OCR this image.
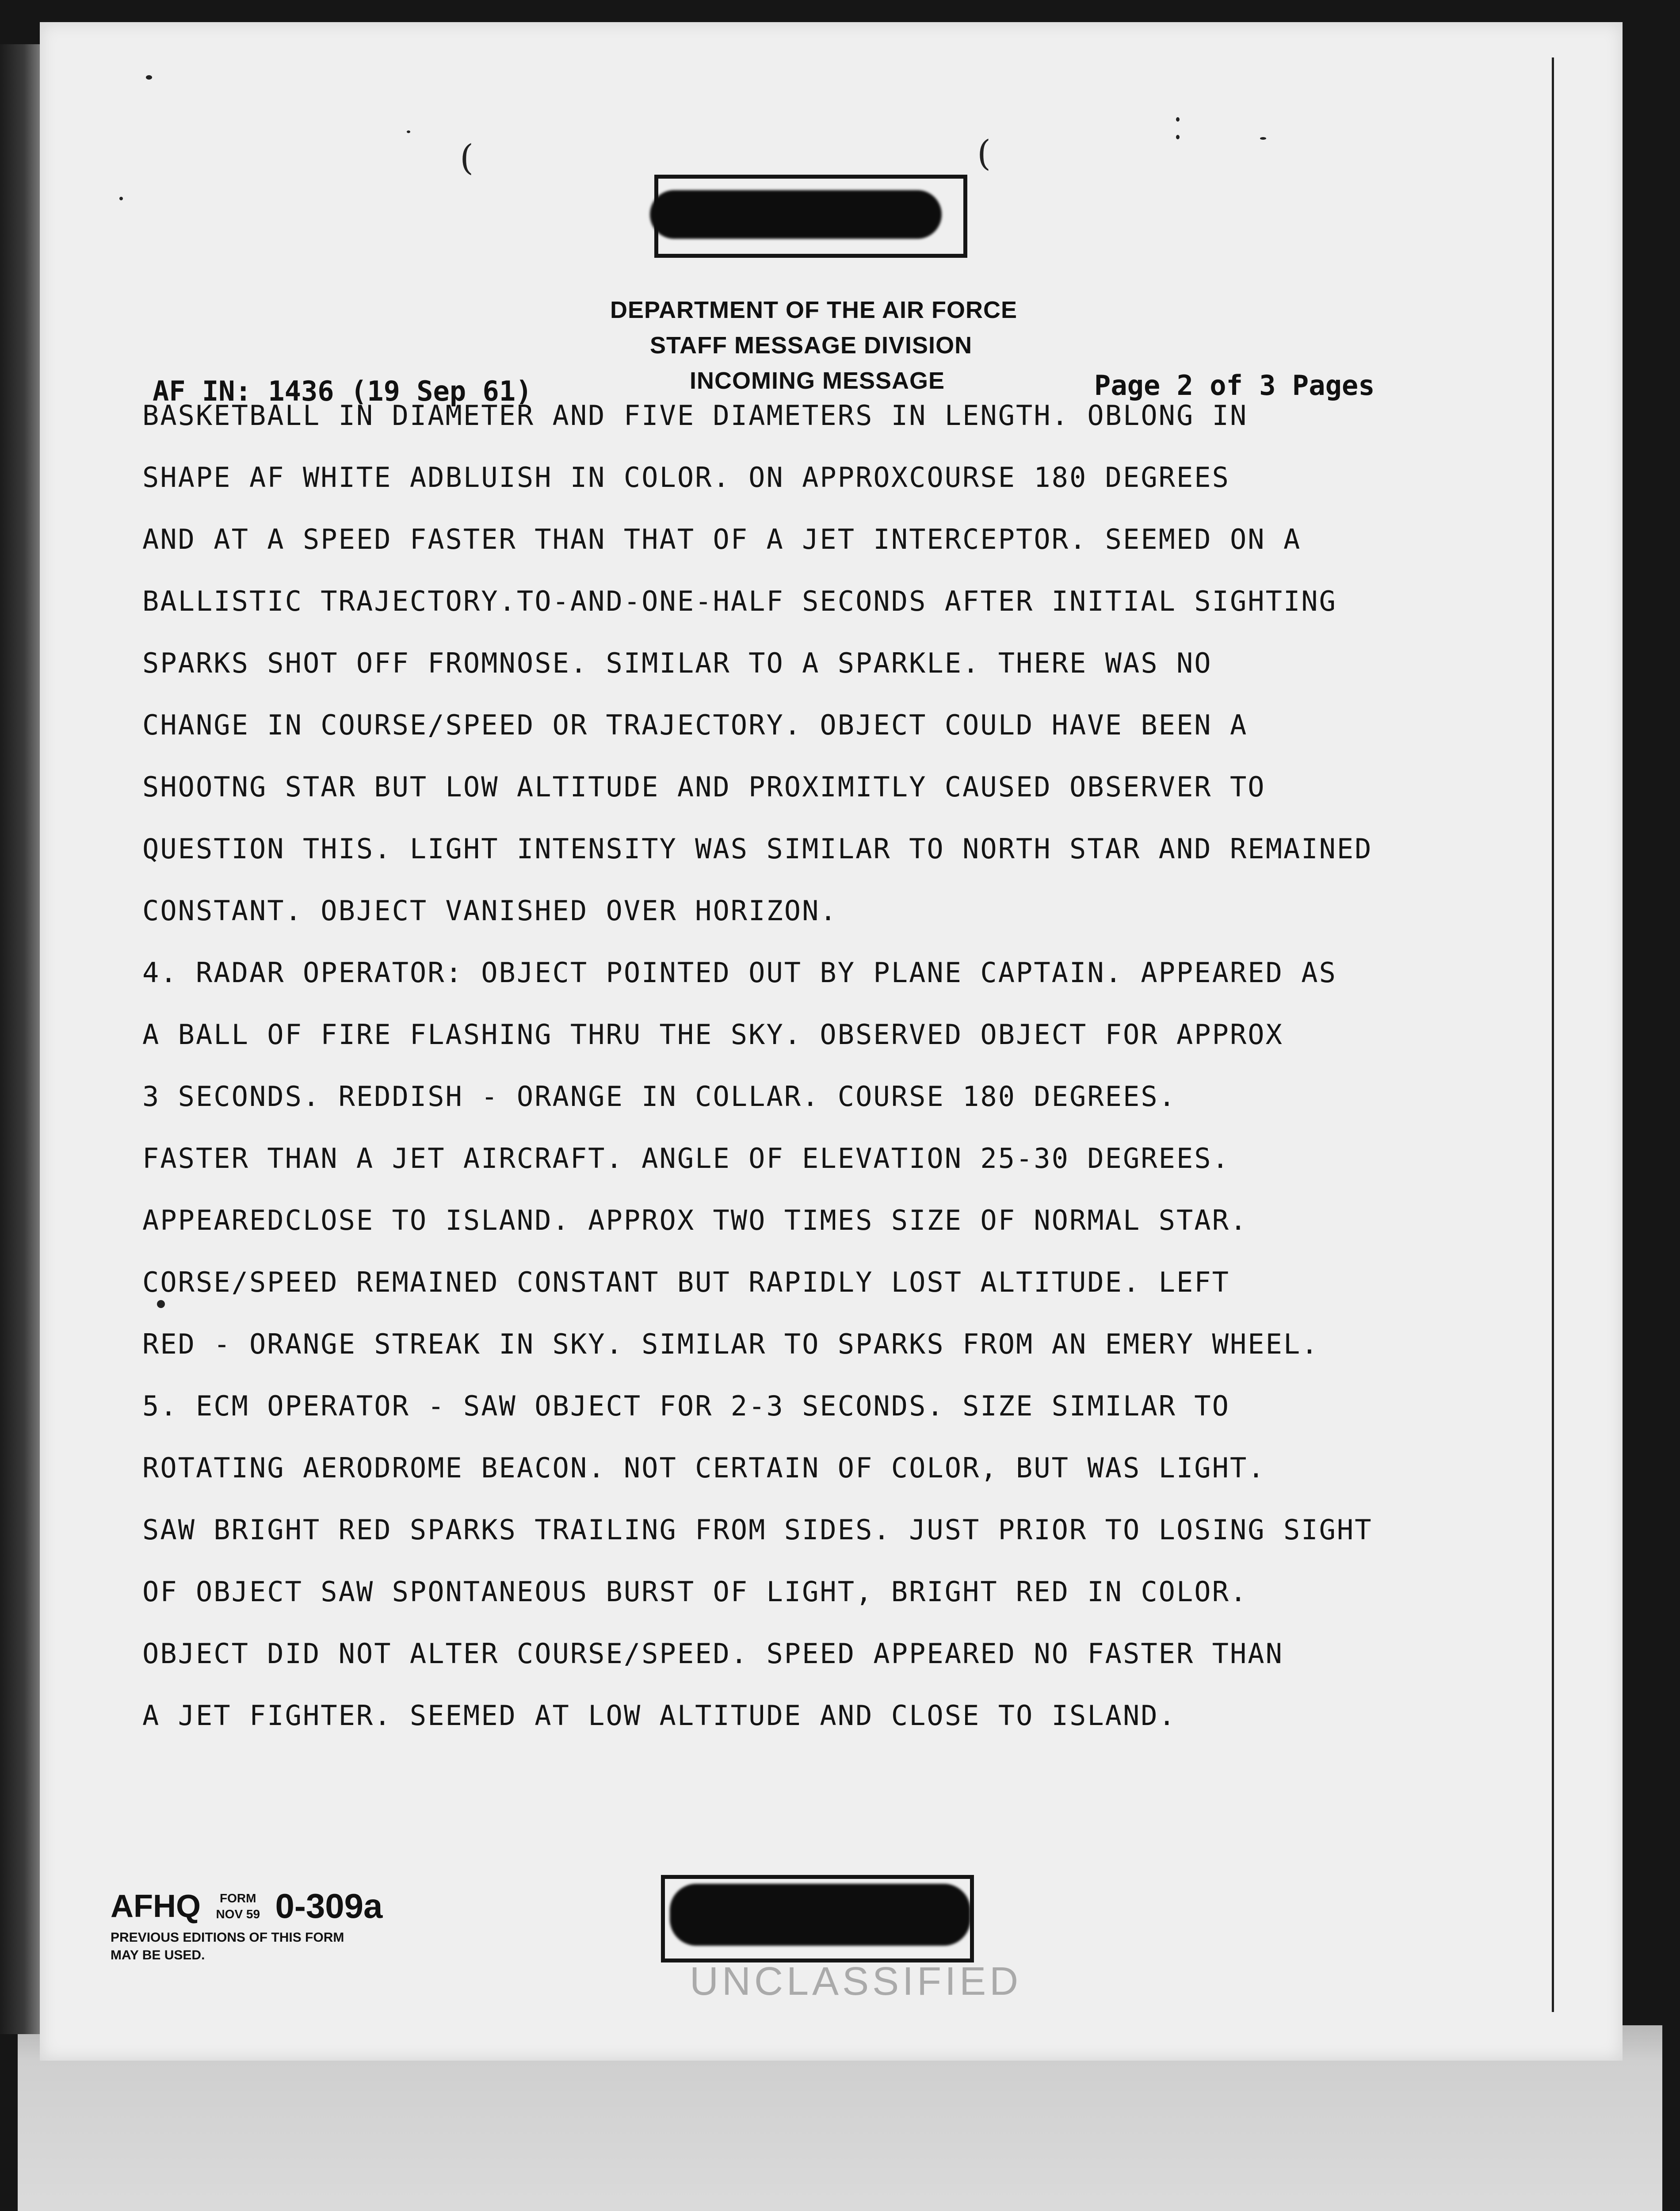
(	(
DEPARTMENT OF THE AIR FORCE
STAFF MESSAGE DIVISION
INCOMING MESSAGE
AF IN: 1436 (19 Sep 61)	Page 2 of 3 Pages
BASKETBALL IN DIAMETER AND FIVE DIAMETERS IN LENGTH. OBLONG IN
SHAPE AF WHITE ADBLUISH IN COLOR. ON APPROXCOURSE 180 DEGREES
AND AT A SPEED FASTER THAN THAT OF A JET INTERCEPTOR. SEEMED ON A
BALLISTIC TRAJECTORY.TO-AND-ONE-HALF SECONDS AFTER INITIAL SIGHTING
SPARKS SHOT OFF FROMNOSE. SIMILAR TO A SPARKLE. THERE WAS NO
CHANGE IN COURSE/SPEED OR TRAJECTORY. OBJECT COULD HAVE BEEN A
SHOOTNG STAR BUT LOW ALTITUDE AND PROXIMITLY CAUSED OBSERVER TO
QUESTION THIS. LIGHT INTENSITY WAS SIMILAR TO NORTH STAR AND REMAINED
CONSTANT. OBJECT VANISHED OVER HORIZON.
4. RADAR OPERATOR: OBJECT POINTED OUT BY PLANE CAPTAIN. APPEARED AS
A BALL OF FIRE FLASHING THRU THE SKY. OBSERVED OBJECT FOR APPROX
3 SECONDS. REDDISH - ORANGE IN COLLAR. COURSE 180 DEGREES.
FASTER THAN A JET AIRCRAFT. ANGLE OF ELEVATION 25-30 DEGREES.
APPEAREDCLOSE TO ISLAND. APPROX TWO TIMES SIZE OF NORMAL STAR.
CORSE/SPEED REMAINED CONSTANT BUT RAPIDLY LOST ALTITUDE. LEFT
RED - ORANGE STREAK IN SKY. SIMILAR TO SPARKS FROM AN EMERY WHEEL.
5. ECM OPERATOR - SAW OBJECT FOR 2-3 SECONDS. SIZE SIMILAR TO
ROTATING AERODROME BEACON. NOT CERTAIN OF COLOR, BUT WAS LIGHT.
SAW BRIGHT RED SPARKS TRAILING FROM SIDES. JUST PRIOR TO LOSING SIGHT
OF OBJECT SAW SPONTANEOUS BURST OF LIGHT, BRIGHT RED IN COLOR.
OBJECT DID NOT ALTER COURSE/SPEED. SPEED APPEARED NO FASTER THAN
A JET FIGHTER. SEEMED AT LOW ALTITUDE AND CLOSE TO ISLAND.
AFHQ FORM
NOV 59 0-309a
PREVIOUS EDITIONS OF THIS FORM
MAY BE USED.
UNCLASSIFIED
